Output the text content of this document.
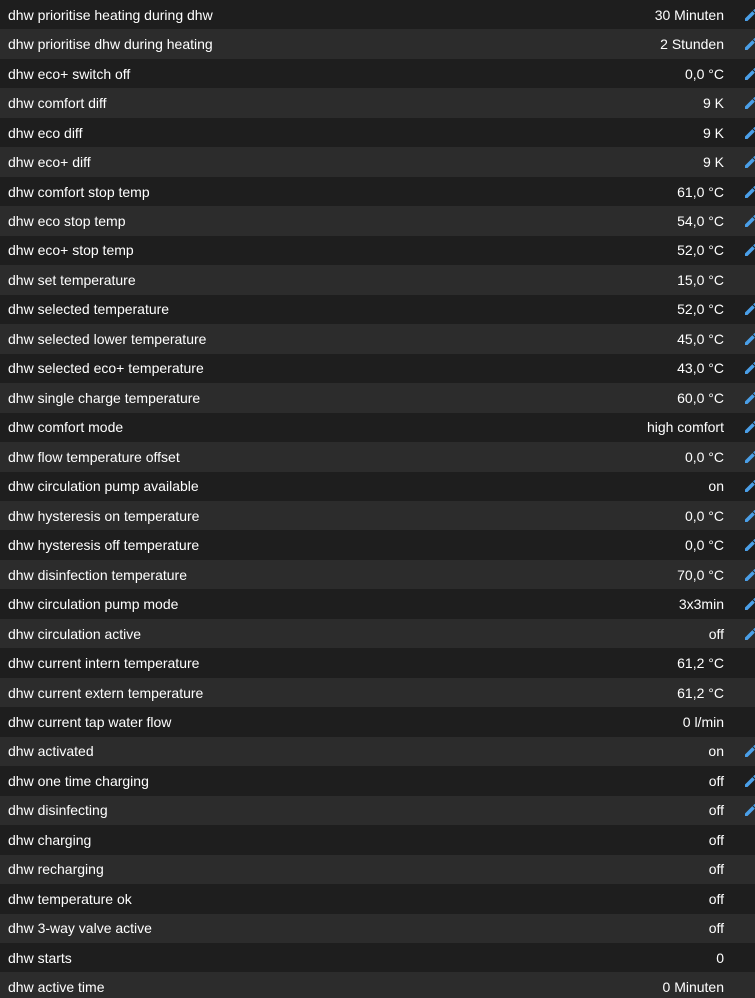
dhw prioritise heating during dhw	30 Minuten
dhw prioritise dhw during heating	2 Stunden
dhw eco+ switch off	0,0 °C
dhw comfort diff	9 K
dhw eco diff	9 K
dhw eco+ diff	9 K
dhw comfort stop temp	61,0 °C
dhw eco stop temp	54,0 °C
dhw eco+ stop temp	52,0 °C
dhw set temperature	15,0 °C
dhw selected temperature	52,0 °C
dhw selected lower temperature	45,0 °C
dhw selected eco+ temperature	43,0 °C
dhw single charge temperature	60,0 °C
dhw comfort mode	high comfort
dhw flow temperature offset	0,0 °C
dhw circulation pump available	on
dhw hysteresis on temperature	0,0 °C
dhw hysteresis off temperature	0,0 °C
dhw disinfection temperature	70,0 °C
dhw circulation pump mode	3x3min
dhw circulation active	off
dhw current intern temperature	61,2 °C
dhw current extern temperature	61,2 °C
dhw current tap water flow	0 l/min
dhw activated	on
dhw one time charging	off
dhw disinfecting	off
dhw charging	off
dhw recharging	off
dhw temperature ok	off
dhw 3-way valve active	off
dhw starts	0
dhw active time	0 Minuten
